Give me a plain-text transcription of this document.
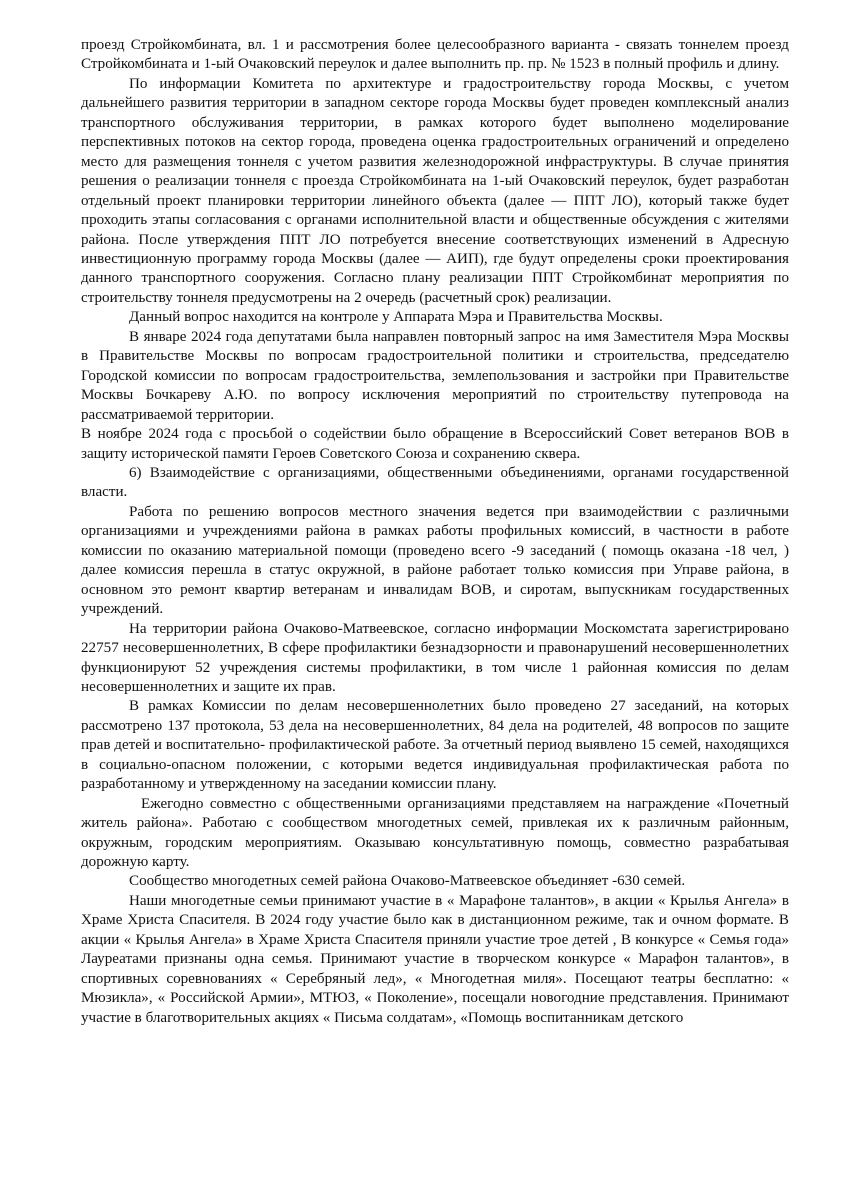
проезд Стройкомбината, вл. 1 и рассмотрения более целесообразного варианта - связать тоннелем проезд Стройкомбината и 1-ый Очаковский переулок и далее выполнить пр. пр. № 1523 в полный профиль и длину.

По информации Комитета по архитектуре и градостроительству города Москвы, с учетом дальнейшего развития территории в западном секторе города Москвы будет проведен комплексный анализ транспортного обслуживания территории, в рамках которого будет выполнено моделирование перспективных потоков на сектор города, проведена оценка градостроительных ограничений и определено место для размещения тоннеля с учетом развития железнодорожной инфраструктуры. В случае принятия решения о реализации тоннеля с проезда Стройкомбината на 1-ый Очаковский переулок, будет разработан отдельный проект планировки территории линейного объекта (далее — ППТ ЛО), который также будет проходить этапы согласования с органами исполнительной власти и общественные обсуждения с жителями района. После утверждения ППТ ЛО потребуется внесение соответствующих изменений в Адресную инвестиционную программу города Москвы (далее — АИП), где будут определены сроки проектирования данного транспортного сооружения. Согласно плану реализации ППТ Стройкомбинат мероприятия по строительству тоннеля предусмотрены на 2 очередь (расчетный срок) реализации.

Данный вопрос находится на контроле у Аппарата Мэра и Правительства Москвы.

В январе 2024 года депутатами была направлен повторный запрос на имя Заместителя Мэра Москвы в Правительстве Москвы по вопросам градостроительной политики и строительства, председателю Городской комиссии по вопросам градостроительства, землепользования и застройки при Правительстве Москвы Бочкареву А.Ю. по вопросу исключения мероприятий по строительству путепровода на рассматриваемой территории.

В ноябре 2024 года с просьбой о содействии было обращение в Всероссийский Совет ветеранов ВОВ в защиту исторической памяти Героев Советского Союза и сохранению сквера.

6) Взаимодействие с организациями, общественными объединениями, органами государственной власти.

Работа по решению вопросов местного значения ведется при взаимодействии с различными организациями и учреждениями района в рамках работы профильных комиссий, в частности в работе комиссии по оказанию материальной помощи (проведено всего -9 заседаний ( помощь оказана -18 чел, ) далее комиссия перешла в статус окружной, в районе работает только комиссия при Управе района, в основном это ремонт квартир ветеранам и инвалидам ВОВ, и сиротам, выпускникам государственных учреждений.

На территории района Очаково-Матвеевское, согласно информации Москомстата зарегистрировано 22757 несовершеннолетних, В сфере профилактики безнадзорности и правонарушений несовершеннолетних функционируют 52 учреждения системы профилактики, в том числе 1 районная комиссия по делам несовершеннолетних и защите их прав.

В рамках Комиссии по делам несовершеннолетних было проведено 27 заседаний, на которых рассмотрено 137 протокола, 53 дела на несовершеннолетних, 84 дела на родителей, 48 вопросов по защите прав детей и воспитательно- профилактической работе. За отчетный период выявлено 15 семей, находящихся в социально-опасном положении, с которыми ведется индивидуальная профилактическая работа по разработанному и утвержденному на заседании комиссии плану.

Ежегодно совместно с общественными организациями представляем на награждение «Почетный житель района». Работаю с сообществом многодетных семей, привлекая их к различным районным, окружным, городским мероприятиям. Оказываю консультативную помощь, совместно разрабатывая дорожную карту.

Сообщество многодетных семей района Очаково-Матвеевское объединяет -630 семей.

Наши многодетные семьи принимают участие в « Марафоне талантов», в акции « Крылья Ангела» в Храме Христа Спасителя. В 2024 году участие было как в дистанционном режиме, так и очном формате. В акции « Крылья Ангела» в Храме Христа Спасителя приняли участие трое детей , В конкурсе « Семья года» Лауреатами признаны одна семья. Принимают участие в творческом конкурсе « Марафон талантов», в спортивных соревнованиях « Серебряный лед», « Многодетная миля». Посещают театры бесплатно: « Мюзикла», « Российской Армии», МТЮЗ, « Поколение», посещали новогодние представления. Принимают участие в благотворительных акциях « Письма солдатам», «Помощь воспитанникам детского
